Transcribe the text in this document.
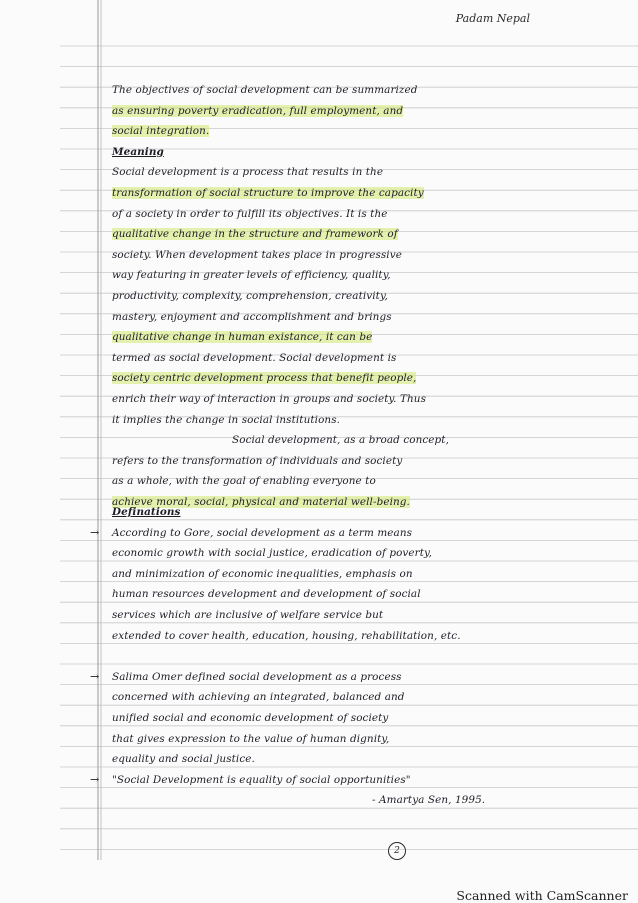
Padam Nepal

The objectives of social development can be summarized

as ensuring poverty eradication, full employment, and

social integration.

Meaning

Social development is a process that results in the

transformation of social structure to improve the capacity

of a society in order to fulfill its objectives. It is the

qualitative change in the structure and framework of

society. When development takes place in progressive

way featuring in greater levels of efficiency, quality,

productivity, complexity, comprehension, creativity,

mastery, enjoyment and accomplishment and brings

qualitative change in human existance, it can be

termed as social development. Social development is

society centric development process that benefit people,

enrich their way of interaction in groups and society. Thus

it implies the change in social institutions.

Social development, as a broad concept,

refers to the transformation of individuals and society

as a whole, with the goal of enabling everyone to

achieve moral, social, physical and material well-being.

Definations

→ According to Gore, social development as a term means

economic growth with social justice, eradication of poverty,

and minimization of economic inequalities, emphasis on

human resources development and development of social

services which are inclusive of welfare service but

extended to cover health, education, housing, rehabilitation, etc.

→ Salima Omer defined social development as a process

concerned with achieving an integrated, balanced and

unified social and economic development of society

that gives expression to the value of human dignity,

equality and social justice.

→ "Social Development is equality of social opportunities"

- Amartya Sen, 1995.

2
Scanned with CamScanner
